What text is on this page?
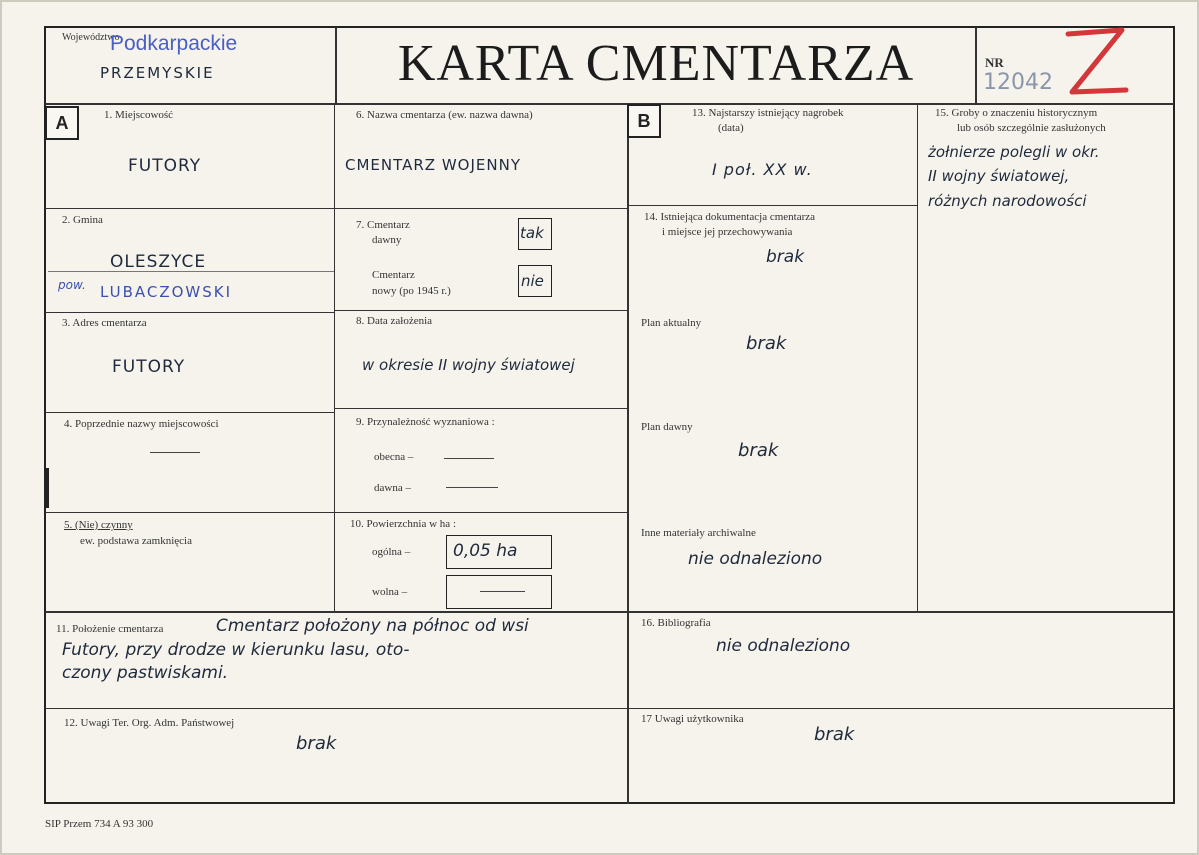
Województwo
Podkarpackie
PRZEMYSKIE	KARTA CMENTARZA	NR
12042
A	1. Miejscowość
FUTORY
2. Gmina
OLESZYCE
pow. LUBACZOWSKI
3. Adres cmentarza
FUTORY
4. Poprzednie nazwy miejscowości
5. (Nie) czynny
ew. podstawa zamknięcia
6. Nazwa cmentarza (ew. nazwa dawna)
CMENTARZ WOJENNY
7. Cmentarz
dawny	tak
Cmentarz
nowy (po 1945 r.)
nie
8. Data założenia
w okresie II wojny światowej
9. Przynależność wyznaniowa :
obecna –
dawna –
10. Powierzchnia w ha :
ogólna –	0,05 ha
wolna –
B	13. Najstarszy istniejący nagrobek
(data)
I poł. XX w.
14. Istniejąca dokumentacja cmentarza
i miejsce jej przechowywania
brak
Plan aktualny
brak
Plan dawny
brak
Inne materiały archiwalne
nie odnaleziono
15. Groby o znaczeniu historycznym
lub osób szczególnie zasłużonych
żołnierze polegli w okr.
II wojny światowej,
różnych narodowości
11. Położenie cmentarza	Cmentarz położony na północ od wsi
Futory, przy drodze w kierunku lasu, oto-
czony pastwiskami.
16. Bibliografia
nie odnaleziono
12. Uwagi Ter. Org. Adm. Państwowej
brak
17 Uwagi użytkownika
brak
SIP Przem 734 A 93 300
